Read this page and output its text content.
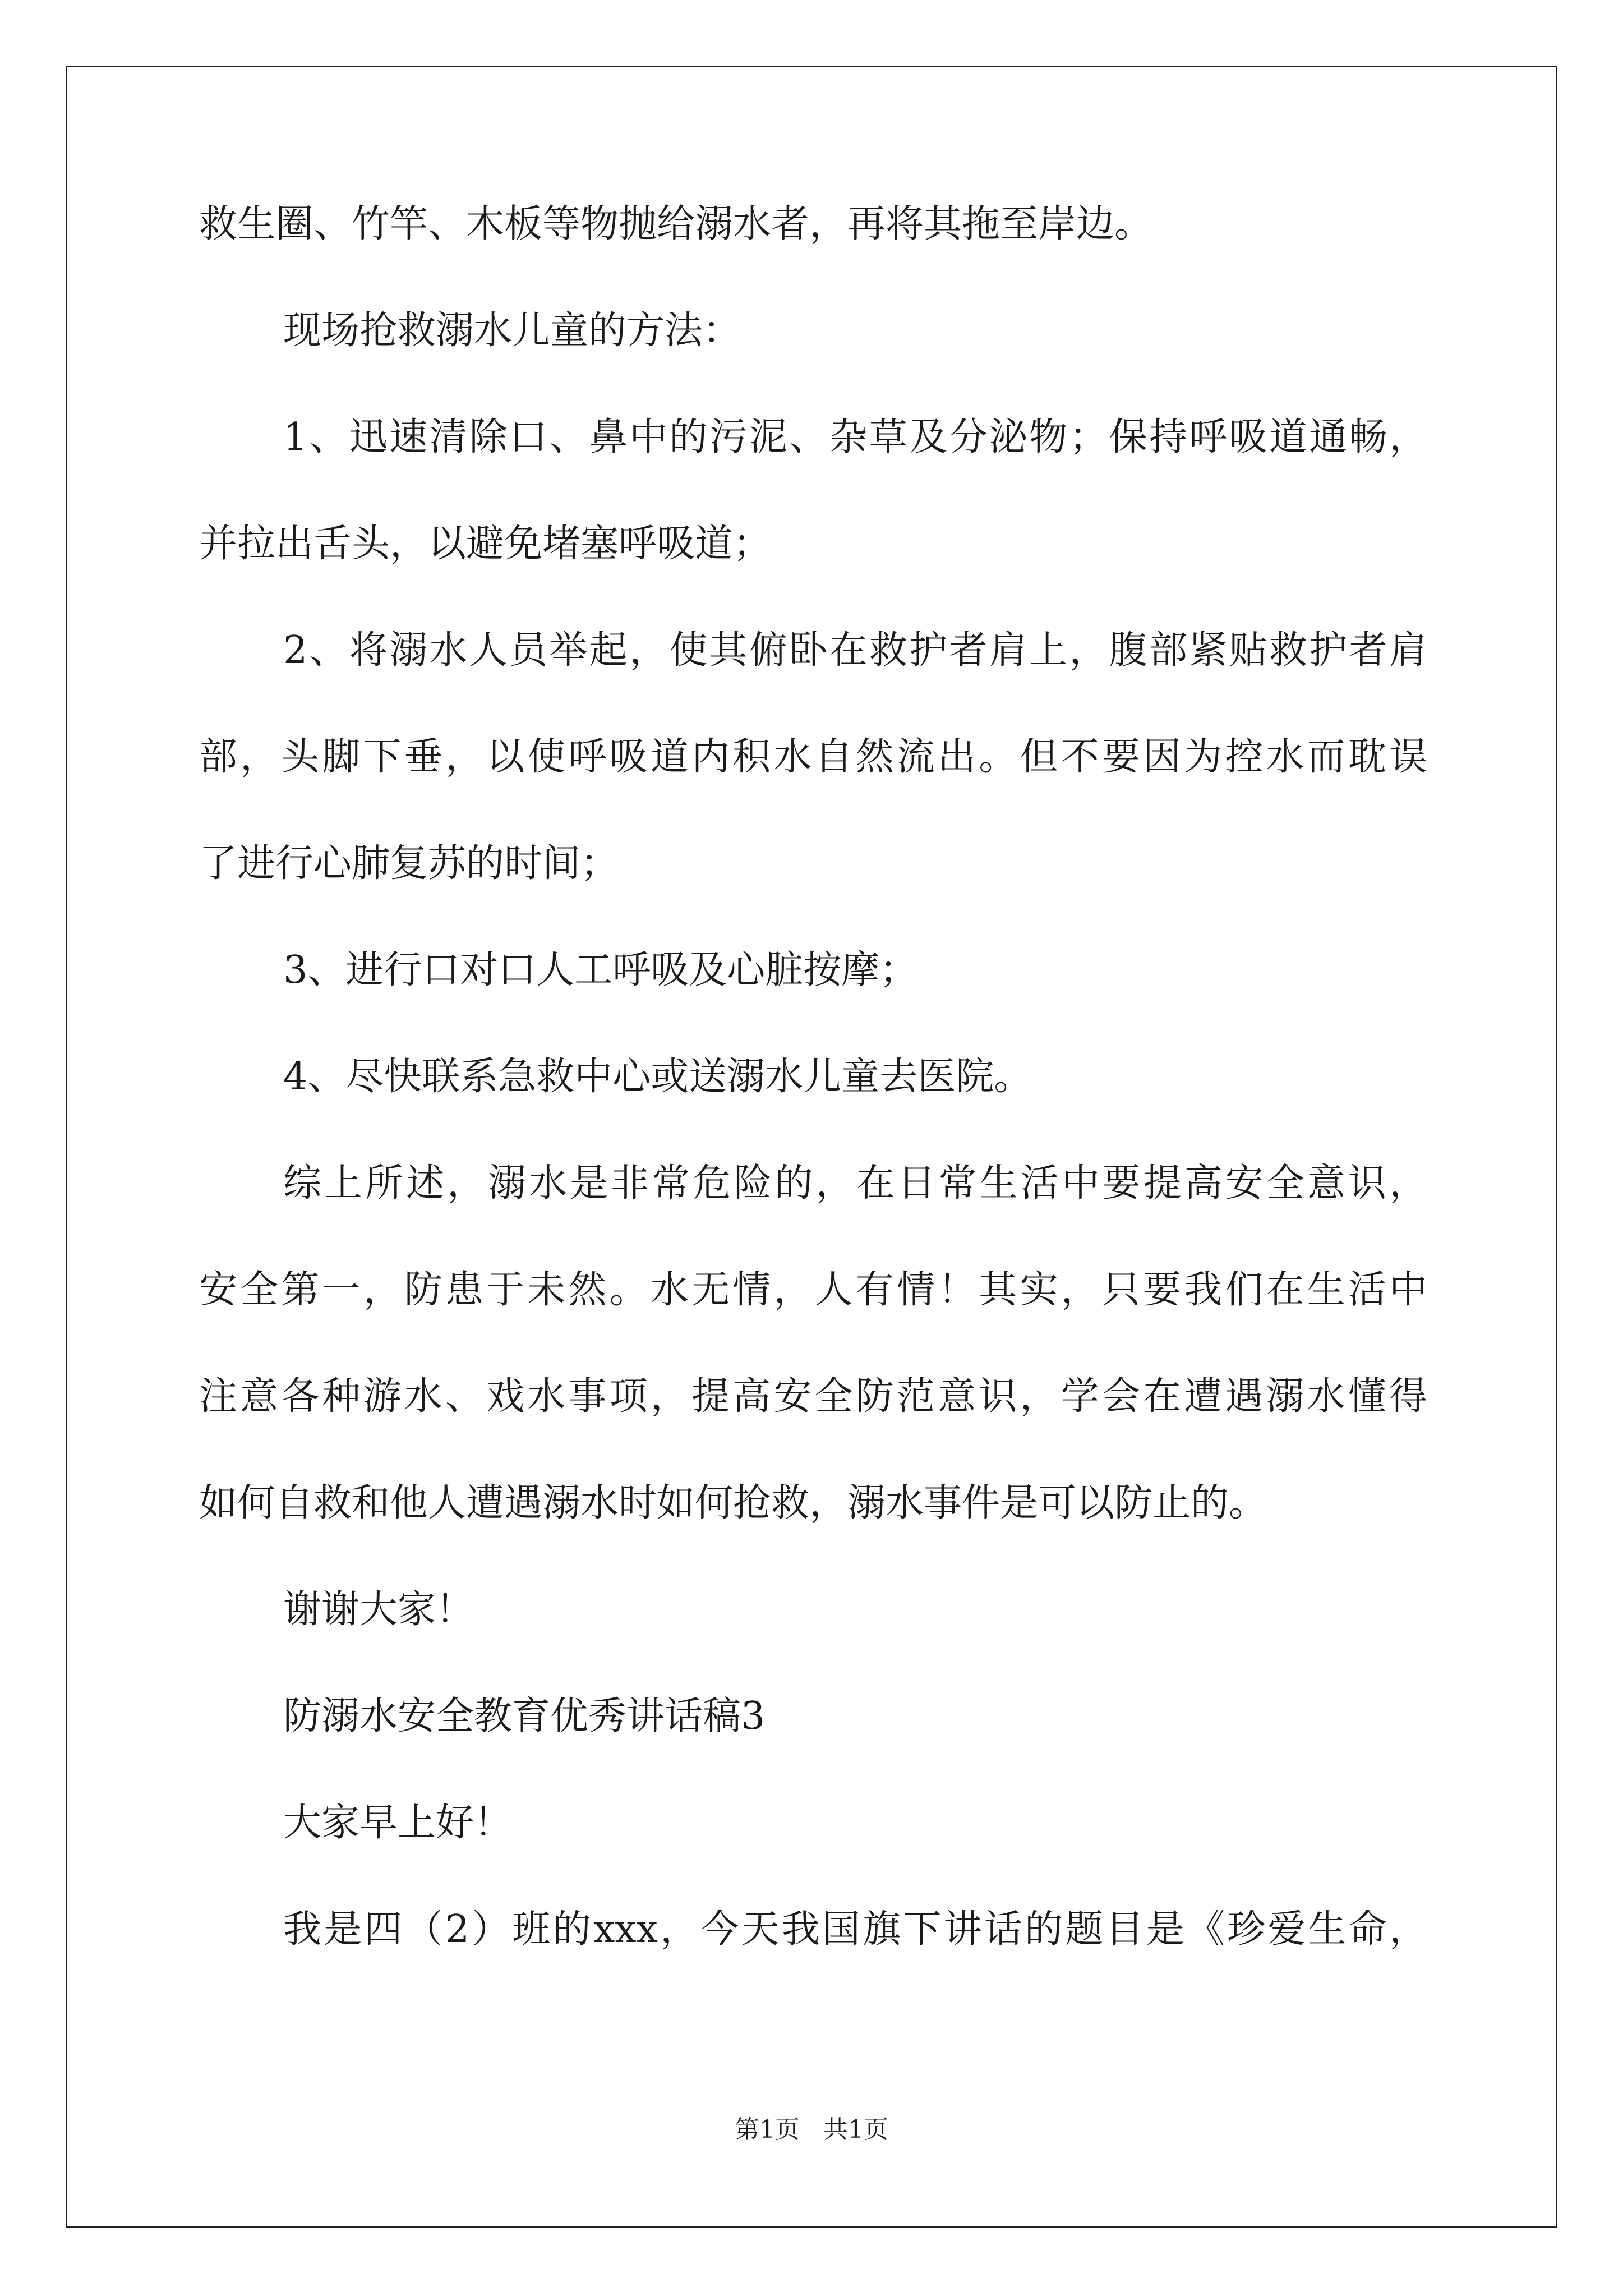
救生圈、竹竿、木板等物抛给溺水者，再将其拖至岸边。
现场抢救溺水儿童的方法：
1、迅速清除口、鼻中的污泥、杂草及分泌物；保持呼吸道通畅，
并拉出舌头，以避免堵塞呼吸道；
2、将溺水人员举起，使其俯卧在救护者肩上，腹部紧贴救护者肩
部，头脚下垂，以使呼吸道内积水自然流出。但不要因为控水而耽误
了进行心肺复苏的时间；
3、进行口对口人工呼吸及心脏按摩；
4、尽快联系急救中心或送溺水儿童去医院。
综上所述，溺水是非常危险的，在日常生活中要提高安全意识，
安全第一，防患于未然。水无情，人有情！其实，只要我们在生活中
注意各种游水、戏水事项，提高安全防范意识，学会在遭遇溺水懂得
如何自救和他人遭遇溺水时如何抢救，溺水事件是可以防止的。
谢谢大家！
防溺水安全教育优秀讲话稿3
大家早上好！
我是四（2）班的xxx，今天我国旗下讲话的题目是《珍爱生命，
第1页   共1页
